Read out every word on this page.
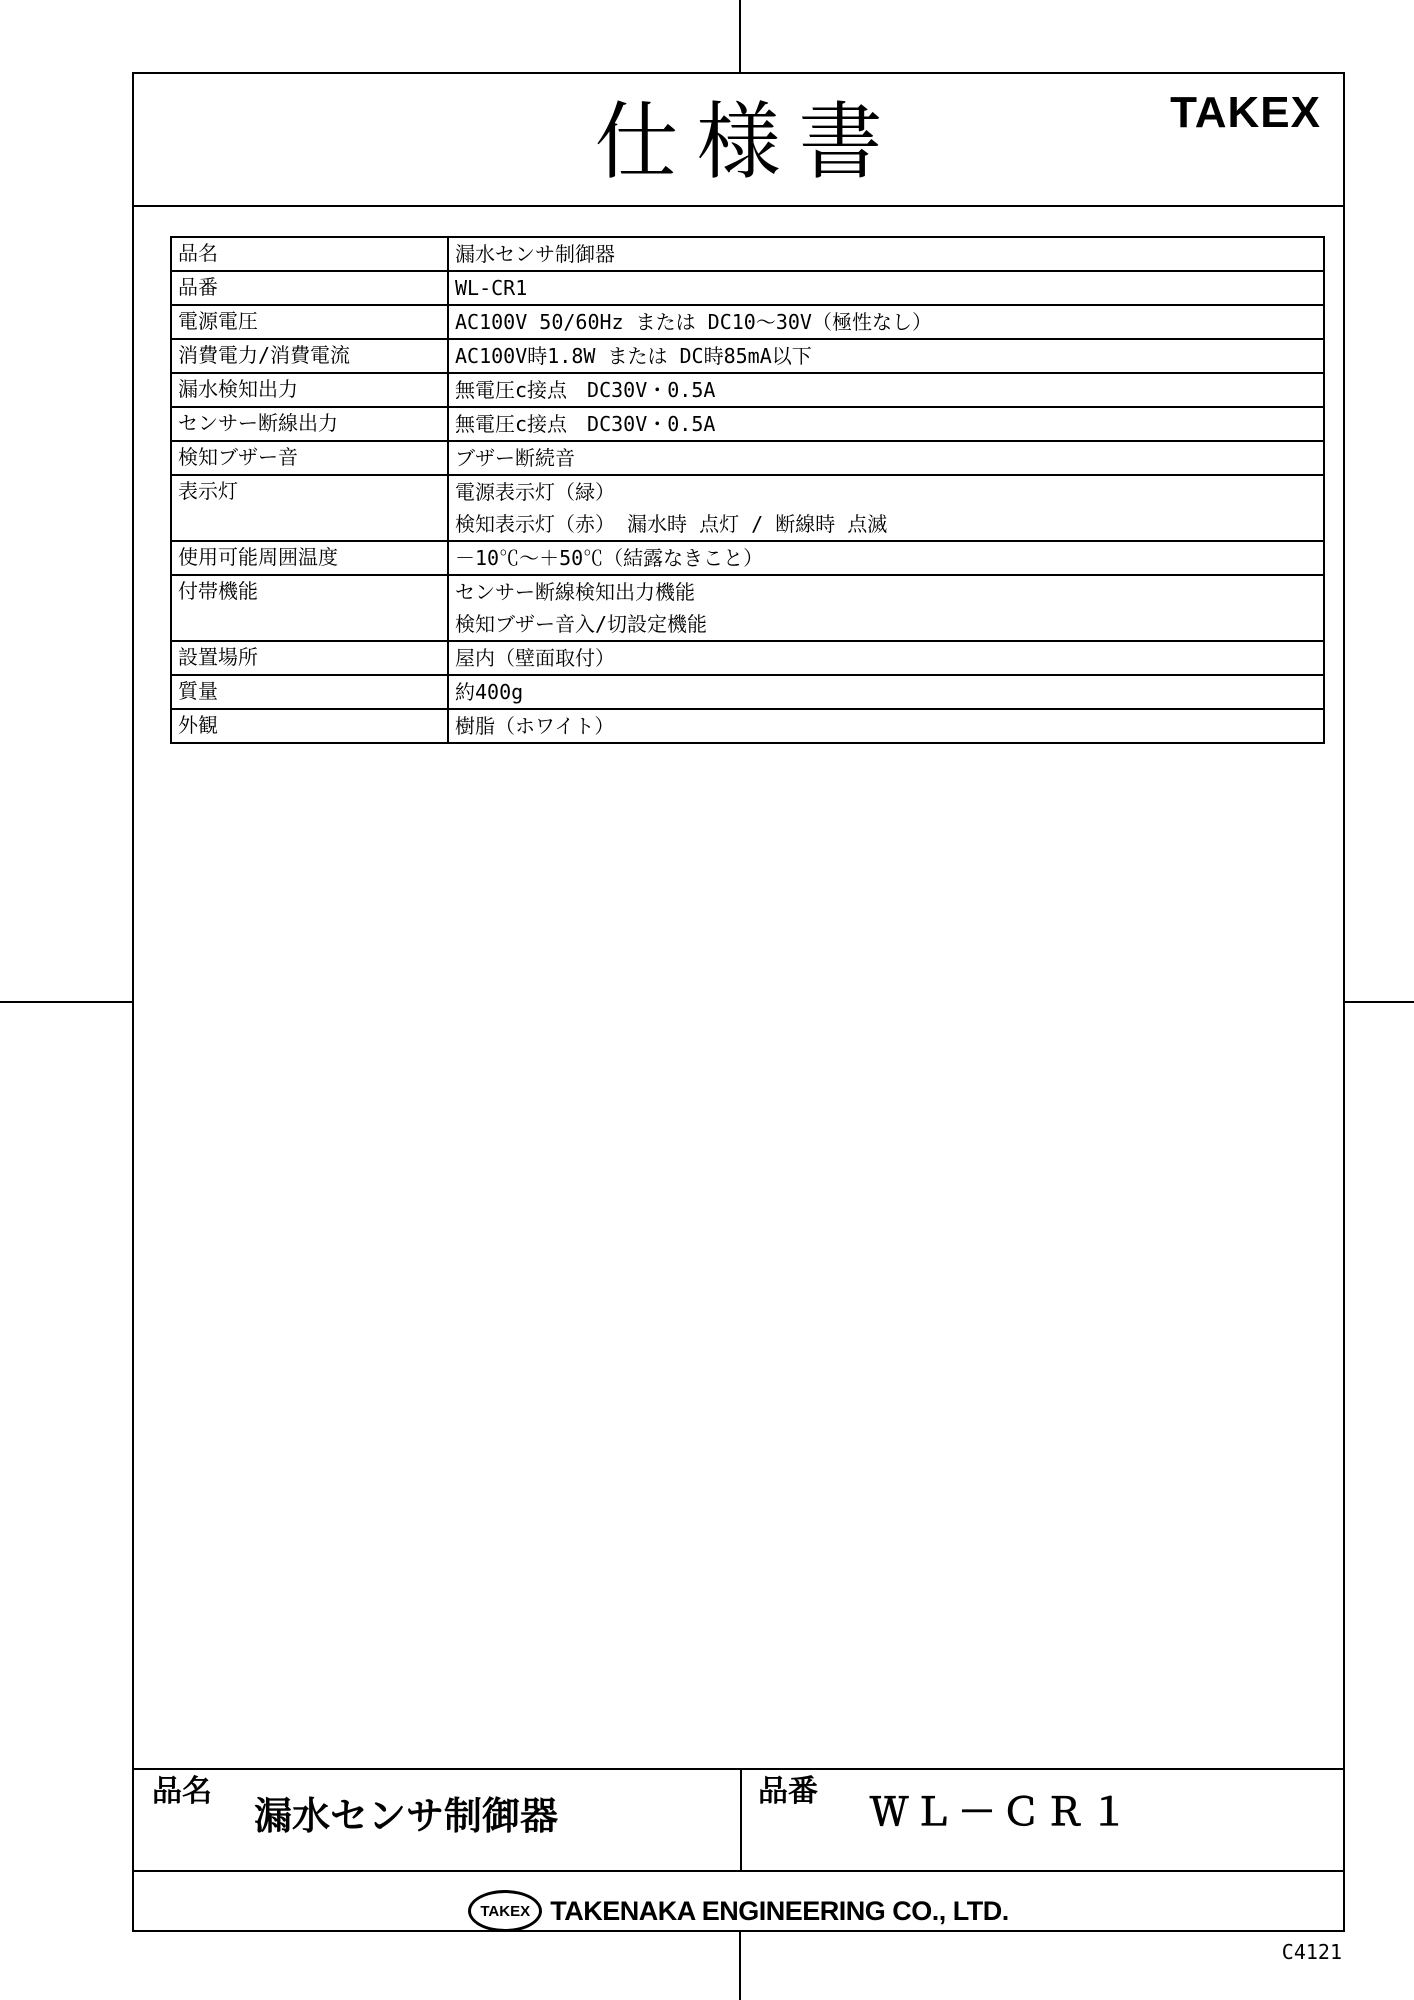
仕様書	TAKEX
品名	漏水センサ制御器

品番	WL-CR1

電源電圧	AC100V 50/60Hz または DC10～30V（極性なし）

消費電力/消費電流	AC100V時1.8W または DC時85mA以下

漏水検知出力	無電圧c接点　DC30V・0.5A

センサー断線出力	無電圧c接点　DC30V・0.5A

検知ブザー音	ブザー断続音

表示灯	電源表示灯（緑）
検知表示灯（赤） 漏水時 点灯 / 断線時 点滅

使用可能周囲温度	－10℃～＋50℃（結露なきこと）

付帯機能	センサー断線検知出力機能
検知ブザー音入/切設定機能

設置場所	屋内（壁面取付）

質量	約400g

外観	樹脂（ホワイト）
品名
漏水センサ制御器
品番 ＷＬ－ＣＲ１
TAKEX TAKENAKA ENGINEERING CO., LTD.
C4121
